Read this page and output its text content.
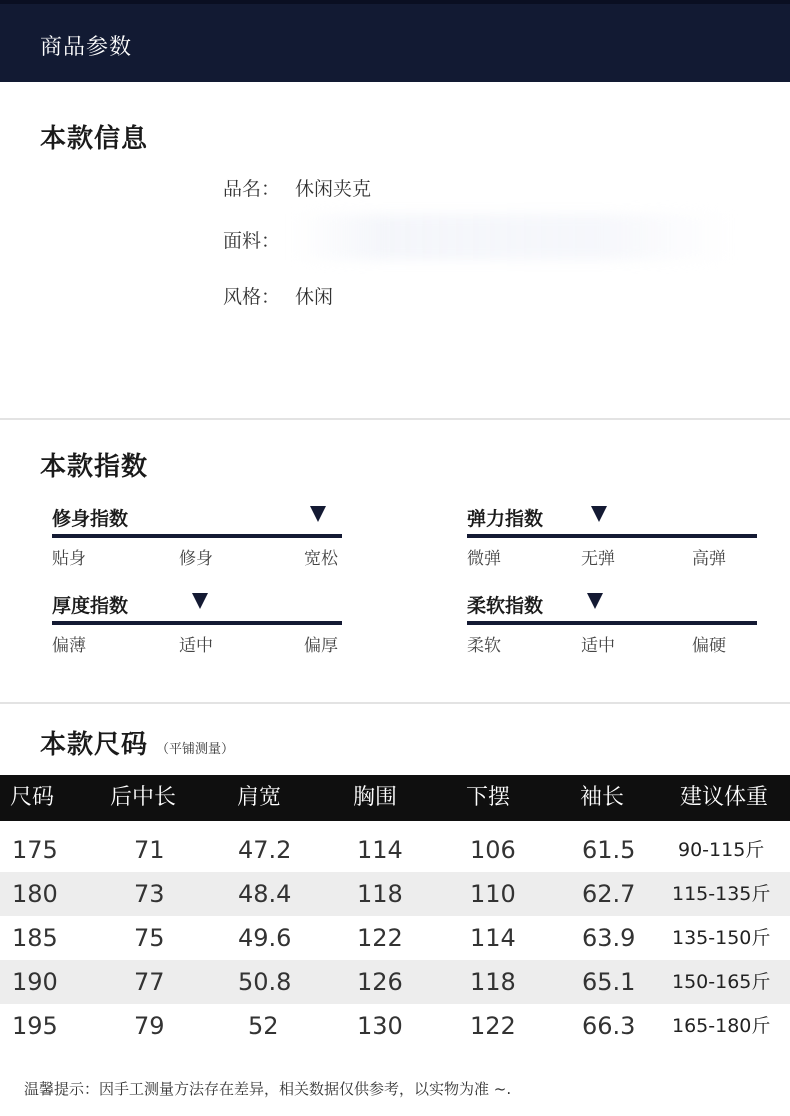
商品参数
本款信息
品名： 休闲夹克
面料：
风格： 休闲
本款指数
修身指数
贴身	修身	宽松
弹力指数
微弹	无弹	高弹
厚度指数
偏薄	适中	偏厚
柔软指数
柔软	适中	偏硬
本款尺码 （平铺测量）
尺码	后中长	肩宽	胸围	下摆	袖长	建议体重
175	71	47.2	114	106	61.5 90-115斤
180	73	48.4	118	110	62.7 115-135斤
185	75	49.6	122	114	63.9 135-150斤
190	77	50.8	126	118	65.1 150-165斤
195	79	52	130	122	66.3 165-180斤
温馨提示：因手工测量方法存在差异，相关数据仅供参考，以实物为准 ~.
